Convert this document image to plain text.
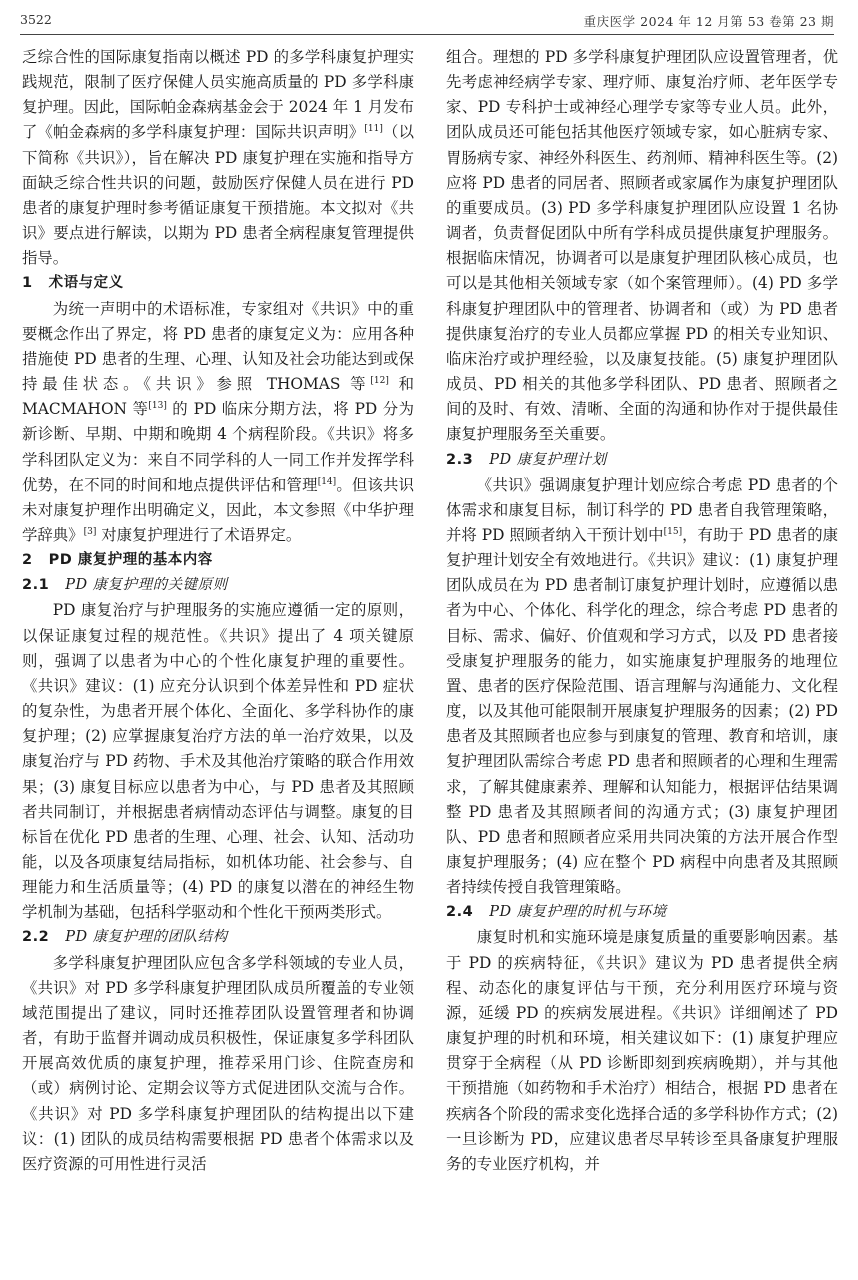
3522	重庆医学 2024 年 12 月第 53 卷第 23 期

乏综合性的国际康复指南以概述 PD 的多学科康复护理实践规范，限制了医疗保健人员实施高质量的 PD 多学科康复护理。因此，国际帕金森病基金会于 2024 年 1 月发布了《帕金森病的多学科康复护理：国际共识声明》[11]（以下简称《共识》），旨在解决 PD 康复护理在实施和指导方面缺乏综合性共识的问题，鼓励医疗保健人员在进行 PD 患者的康复护理时参考循证康复干预措施。本文拟对《共识》要点进行解读，以期为 PD 患者全病程康复管理提供指导。

1 术语与定义

为统一声明中的术语标准，专家组对《共识》中的重要概念作出了界定，将 PD 患者的康复定义为：应用各种措施使 PD 患者的生理、心理、认知及社会功能达到或保持最佳状态。《共识》参照 THOMAS 等[12] 和 MACMAHON 等[13] 的 PD 临床分期方法，将 PD 分为新诊断、早期、中期和晚期 4 个病程阶段。《共识》将多学科团队定义为：来自不同学科的人一同工作并发挥学科优势，在不同的时间和地点提供评估和管理[14]。但该共识未对康复护理作出明确定义，因此，本文参照《中华护理学辞典》[3] 对康复护理进行了术语界定。

2 PD 康复护理的基本内容
2.1 PD 康复护理的关键原则

PD 康复治疗与护理服务的实施应遵循一定的原则，以保证康复过程的规范性。《共识》提出了 4 项关键原则，强调了以患者为中心的个性化康复护理的重要性。《共识》建议：(1) 应充分认识到个体差异性和 PD 症状的复杂性，为患者开展个体化、全面化、多学科协作的康复护理；(2) 应掌握康复治疗方法的单一治疗效果，以及康复治疗与 PD 药物、手术及其他治疗策略的联合作用效果；(3) 康复目标应以患者为中心，与 PD 患者及其照顾者共同制订，并根据患者病情动态评估与调整。康复的目标旨在优化 PD 患者的生理、心理、社会、认知、活动功能，以及各项康复结局指标，如机体功能、社会参与、自理能力和生活质量等；(4) PD 的康复以潜在的神经生物学机制为基础，包括科学驱动和个性化干预两类形式。

2.2 PD 康复护理的团队结构

多学科康复护理团队应包含多学科领域的专业人员，《共识》对 PD 多学科康复护理团队成员所覆盖的专业领域范围提出了建议，同时还推荐团队设置管理者和协调者，有助于监督并调动成员积极性，保证康复多学科团队开展高效优质的康复护理，推荐采用门诊、住院查房和（或）病例讨论、定期会议等方式促进团队交流与合作。《共识》对 PD 多学科康复护理团队的结构提出以下建议：(1) 团队的成员结构需要根据 PD 患者个体需求以及医疗资源的可用性进行灵活

组合。理想的 PD 多学科康复护理团队应设置管理者，优先考虑神经病学专家、理疗师、康复治疗师、老年医学专家、PD 专科护士或神经心理学专家等专业人员。此外，团队成员还可能包括其他医疗领域专家，如心脏病专家、胃肠病专家、神经外科医生、药剂师、精神科医生等。(2) 应将 PD 患者的同居者、照顾者或家属作为康复护理团队的重要成员。(3) PD 多学科康复护理团队应设置 1 名协调者，负责督促团队中所有学科成员提供康复护理服务。根据临床情况，协调者可以是康复护理团队核心成员，也可以是其他相关领域专家（如个案管理师）。(4) PD 多学科康复护理团队中的管理者、协调者和（或）为 PD 患者提供康复治疗的专业人员都应掌握 PD 的相关专业知识、临床治疗或护理经验，以及康复技能。(5) 康复护理团队成员、PD 相关的其他多学科团队、PD 患者、照顾者之间的及时、有效、清晰、全面的沟通和协作对于提供最佳康复护理服务至关重要。

2.3 PD 康复护理计划

《共识》强调康复护理计划应综合考虑 PD 患者的个体需求和康复目标，制订科学的 PD 患者自我管理策略，并将 PD 照顾者纳入干预计划中[15]，有助于 PD 患者的康复护理计划安全有效地进行。《共识》建议：(1) 康复护理团队成员在为 PD 患者制订康复护理计划时，应遵循以患者为中心、个体化、科学化的理念，综合考虑 PD 患者的目标、需求、偏好、价值观和学习方式，以及 PD 患者接受康复护理服务的能力，如实施康复护理服务的地理位置、患者的医疗保险范围、语言理解与沟通能力、文化程度，以及其他可能限制开展康复护理服务的因素；(2) PD 患者及其照顾者也应参与到康复的管理、教育和培训，康复护理团队需综合考虑 PD 患者和照顾者的心理和生理需求，了解其健康素养、理解和认知能力，根据评估结果调整 PD 患者及其照顾者间的沟通方式；(3) 康复护理团队、PD 患者和照顾者应采用共同决策的方法开展合作型康复护理服务；(4) 应在整个 PD 病程中向患者及其照顾者持续传授自我管理策略。

2.4 PD 康复护理的时机与环境

康复时机和实施环境是康复质量的重要影响因素。基于 PD 的疾病特征，《共识》建议为 PD 患者提供全病程、动态化的康复评估与干预，充分利用医疗环境与资源，延缓 PD 的疾病发展进程。《共识》详细阐述了 PD 康复护理的时机和环境，相关建议如下：(1) 康复护理应贯穿于全病程（从 PD 诊断即刻到疾病晚期），并与其他干预措施（如药物和手术治疗）相结合，根据 PD 患者在疾病各个阶段的需求变化选择合适的多学科协作方式；(2) 一旦诊断为 PD，应建议患者尽早转诊至具备康复护理服务的专业医疗机构，并
